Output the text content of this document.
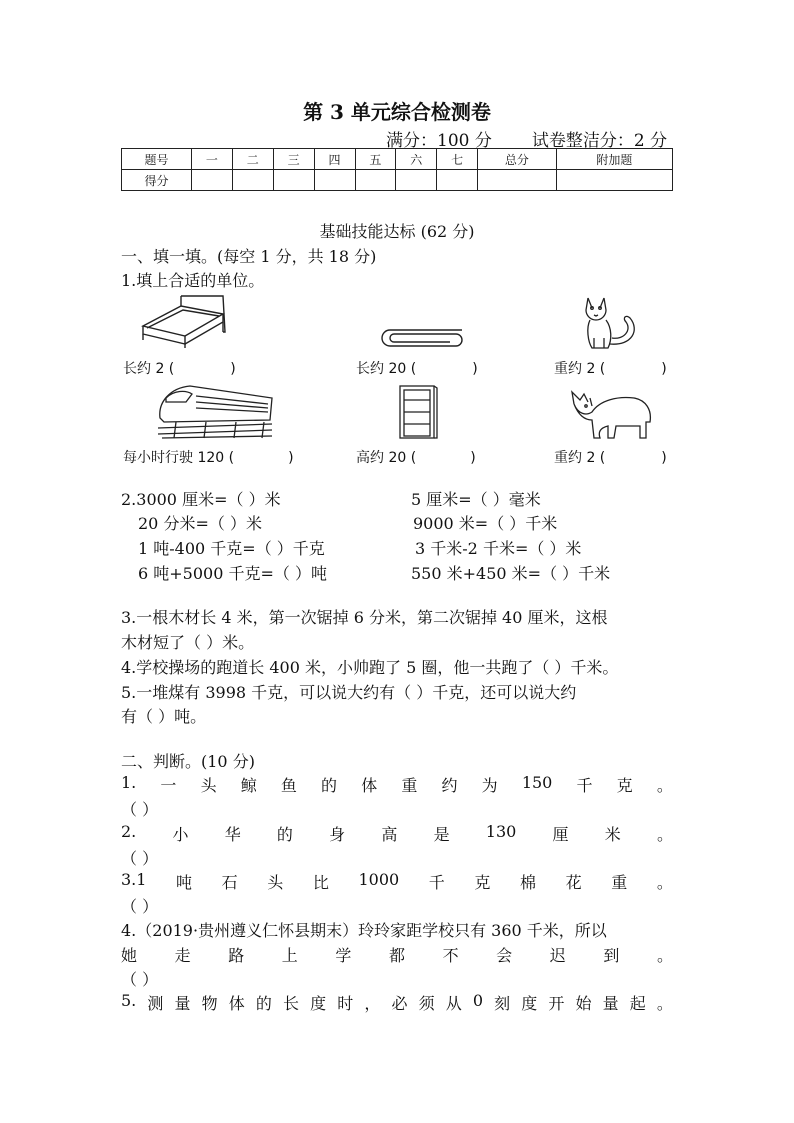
第 3 单元综合检测卷
满分：100 分 试卷整洁分：2 分
题号	一	二	三	四	五	六	七	总分	附加题
得分									
基础技能达标 (62 分)
一、填一填。(每空 1 分，共 18 分)
1.填上合适的单位。
长约 2 (	)	长约 20 (	)	重约 2 (	)
每小时行驶 120 (	)	高约 20 (	)	重约 2 (	)
2.3000 厘米=（ ）米	5 厘米=（ ）毫米
20 分米=（ ）米	9000 米=（ ）千米
1 吨-400 千克=（ ）千克	3 千米-2 千米=（ ）米
6 吨+5000 千克=（ ）吨	550 米+450 米=（ ）千米
3.一根木材长 4 米，第一次锯掉 6 分米，第二次锯掉 40 厘米，这根
木材短了（ ）米。
4.学校操场的跑道长 400 米，小帅跑了 5 圈，他一共跑了（ ）千米。
5.一堆煤有 3998 千克，可以说大约有（ ）千克，还可以说大约
有（ ）吨。
二、判断。(10 分)
1. 一 头 鲸 鱼 的 体 重 约 为 150 千 克 。
（ ）
2. 小 华 的 身 高 是 130 厘 米 。
（ ）
3.1 吨 石 头 比 1000 千 克 棉 花 重 。
（ ）
4.（2019·贵州遵义仁怀县期末）玲玲家距学校只有 360 千米，所以
她 走 路 上 学 都 不 会 迟 到 。
（ ）
5. 测 量 物 体 的 长 度 时 ， 必 须 从 0 刻 度 开 始 量 起 。
